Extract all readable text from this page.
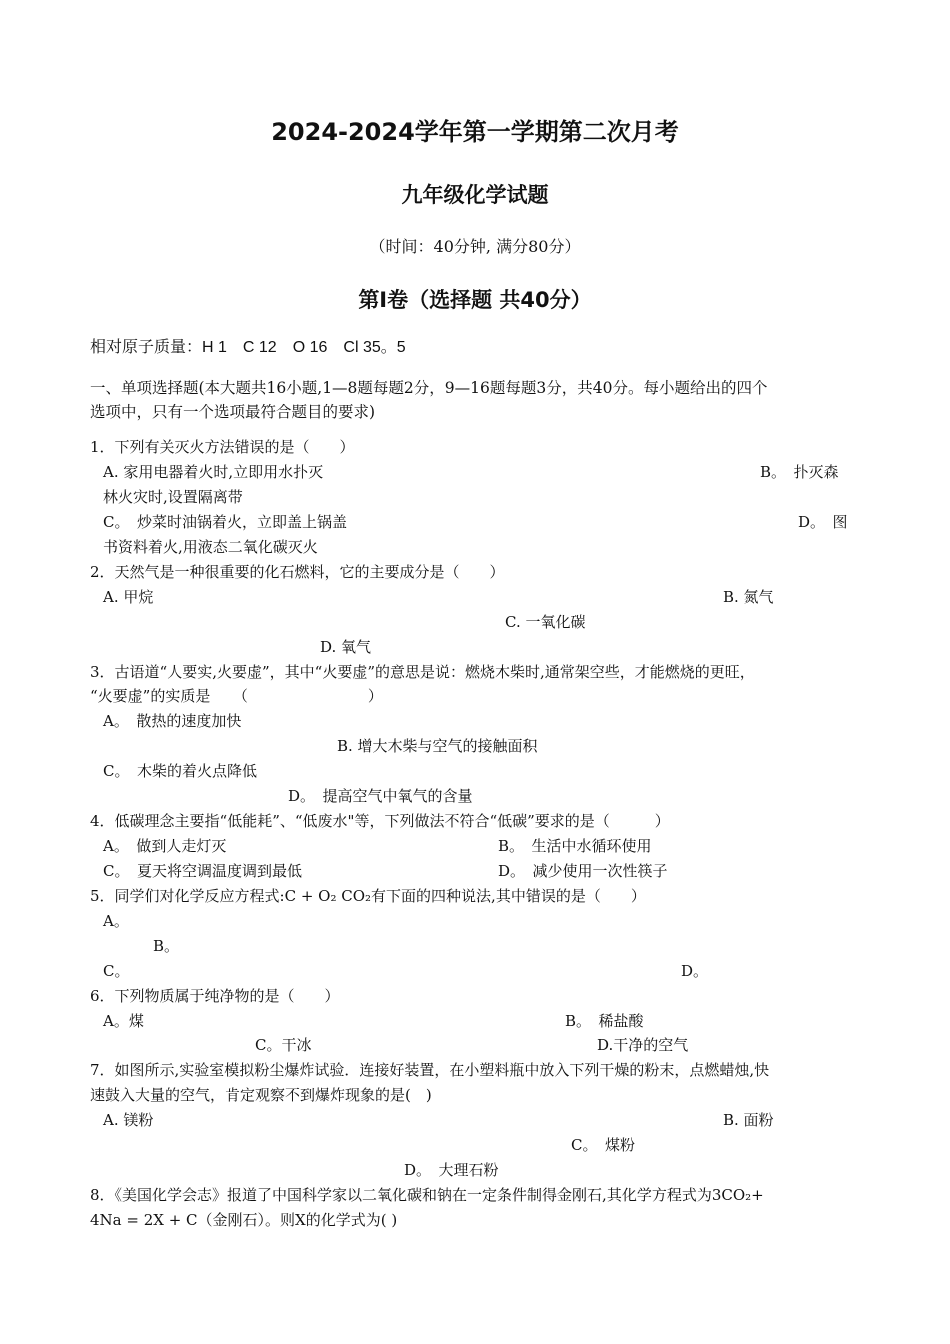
2024-2024学年第一学期第二次月考
九年级化学试题
（时间：40分钟, 满分80分）
第Ⅰ卷（选择题 共40分）
相对原子质量：H 1　C 12　O 16　Cl 35。5
一、单项选择题(本大题共16小题,1—8题每题2分，9—16题每题3分，共40分。每小题给出的四个
选项中，只有一个选项最符合题目的要求)
1．下列有关灭火方法错误的是（　　）
A. 家用电器着火时,立即用水扑灭	B。　扑灭森
林火灾时,设置隔离带
C。　炒菜时油锅着火，立即盖上锅盖	D。　图
书资料着火,用液态二氧化碳灭火
2．天然气是一种很重要的化石燃料，它的主要成分是（　　）
A. 甲烷	B. 氮气
C. 一氧化碳
D. 氧气
3．古语道“人要实,火要虚”，其中“火要虚”的意思是说：燃烧木柴时,通常架空些，才能燃烧的更旺，
“火要虚”的实质是　　（　　　　　　　　）
A。　散热的速度加快
B. 增大木柴与空气的接触面积
C。　木柴的着火点降低
D。　提高空气中氧气的含量
4．低碳理念主要指“低能耗”、“低废水"等，下列做法不符合“低碳”要求的是（　　　）
A。　做到人走灯灭	B。　生活中水循环使用
C。　夏天将空调温度调到最低	D。　减少使用一次性筷子
5．同学们对化学反应方程式:C + O₂ CO₂有下面的四种说法,其中错误的是（　　）
A。
B。
C。	D。
6．下列物质属于纯净物的是（　　）
A。煤	B。　稀盐酸
C。干冰	D.干净的空气
7．如图所示,实验室模拟粉尘爆炸试验．连接好装置，在小塑料瓶中放入下列干燥的粉末，点燃蜡烛,快
速鼓入大量的空气，肯定观察不到爆炸现象的是(　)
A. 镁粉	B. 面粉
C。　煤粉
D。　大理石粉
8．《美国化学会志》报道了中国科学家以二氧化碳和钠在一定条件制得金刚石,其化学方程式为3CO₂+
4Na = 2X + C（金刚石）。则X的化学式为( )
